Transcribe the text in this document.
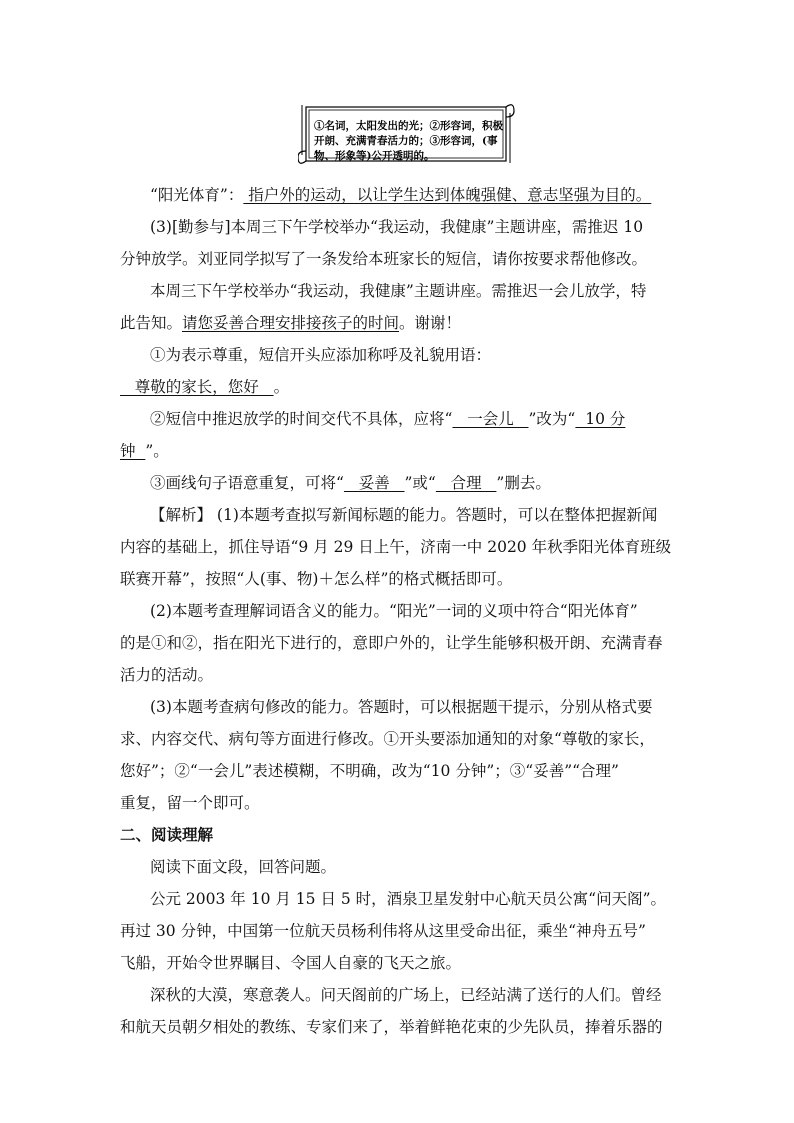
①名词，太阳发出的光；②形容词，积极开朗、充满青春活力的；③形容词，(事物、形象等)公开透明的。
“阳光体育”： 指户外的运动，以让学生达到体魄强健、意志坚强为目的。
(3)[勤参与]本周三下午学校举办“我运动，我健康”主题讲座，需推迟 10
分钟放学。刘亚同学拟写了一条发给本班家长的短信，请你按要求帮他修改。
本周三下午学校举办“我运动，我健康”主题讲座。需推迟一会儿放学，特
此告知。请您妥善合理安排接孩子的时间。谢谢！
①为表示尊重，短信开头应添加称呼及礼貌用语：
尊敬的家长，您好   。
②短信中推迟放学的时间交代不具体，应将“   一会儿   ”改为“  10 分
钟  ”。
③画线句子语意重复，可将“   妥善   ”或“   合理   ”删去。
【解析】 (1)本题考查拟写新闻标题的能力。答题时，可以在整体把握新闻
内容的基础上，抓住导语“9 月 29 日上午，济南一中 2020 年秋季阳光体育班级
联赛开幕”，按照“人(事、物)＋怎么样”的格式概括即可。
(2)本题考查理解词语含义的能力。“阳光”一词的义项中符合“阳光体育”
的是①和②，指在阳光下进行的，意即户外的，让学生能够积极开朗、充满青春
活力的活动。
(3)本题考查病句修改的能力。答题时，可以根据题干提示，分别从格式要
求、内容交代、病句等方面进行修改。①开头要添加通知的对象“尊敬的家长，
您好”；②“一会儿”表述模糊，不明确，改为“10 分钟”；③“妥善”“合理”
重复，留一个即可。
二、阅读理解
阅读下面文段，回答问题。
公元 2003 年 10 月 15 日 5 时，酒泉卫星发射中心航天员公寓“问天阁”。
再过 30 分钟，中国第一位航天员杨利伟将从这里受命出征，乘坐“神舟五号”
飞船，开始令世界瞩目、令国人自豪的飞天之旅。
深秋的大漠，寒意袭人。问天阁前的广场上，已经站满了送行的人们。曾经
和航天员朝夕相处的教练、专家们来了，举着鲜艳花束的少先队员，捧着乐器的
